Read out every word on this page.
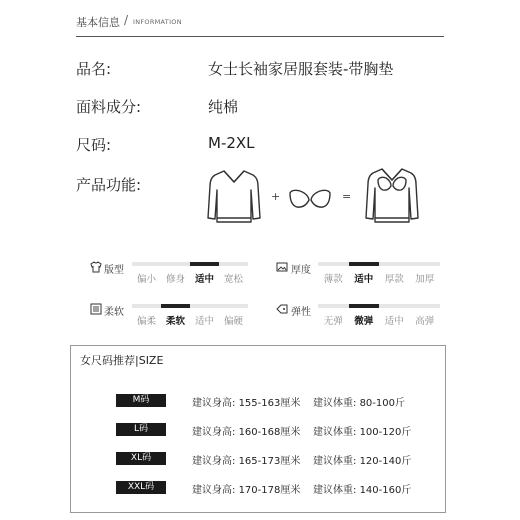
基本信息 / INFORMATION
品名:	女士长袖家居服套装-带胸垫
面料成分:	纯棉
尺码:	M-2XL
产品功能:
+	=
版型
偏小	修身	适中	宽松
厚度
薄款	适中	厚款	加厚
柔软
偏柔	柔软	适中	偏硬
弹性
无弹	微弹	适中	高弹
女尺码推荐|SIZE
M码	建议身高: 155-163厘米 建议体重: 80-100斤
L码	建议身高: 160-168厘米 建议体重: 100-120斤
XL码	建议身高: 165-173厘米 建议体重: 120-140斤
XXL码	建议身高: 170-178厘米 建议体重: 140-160斤
